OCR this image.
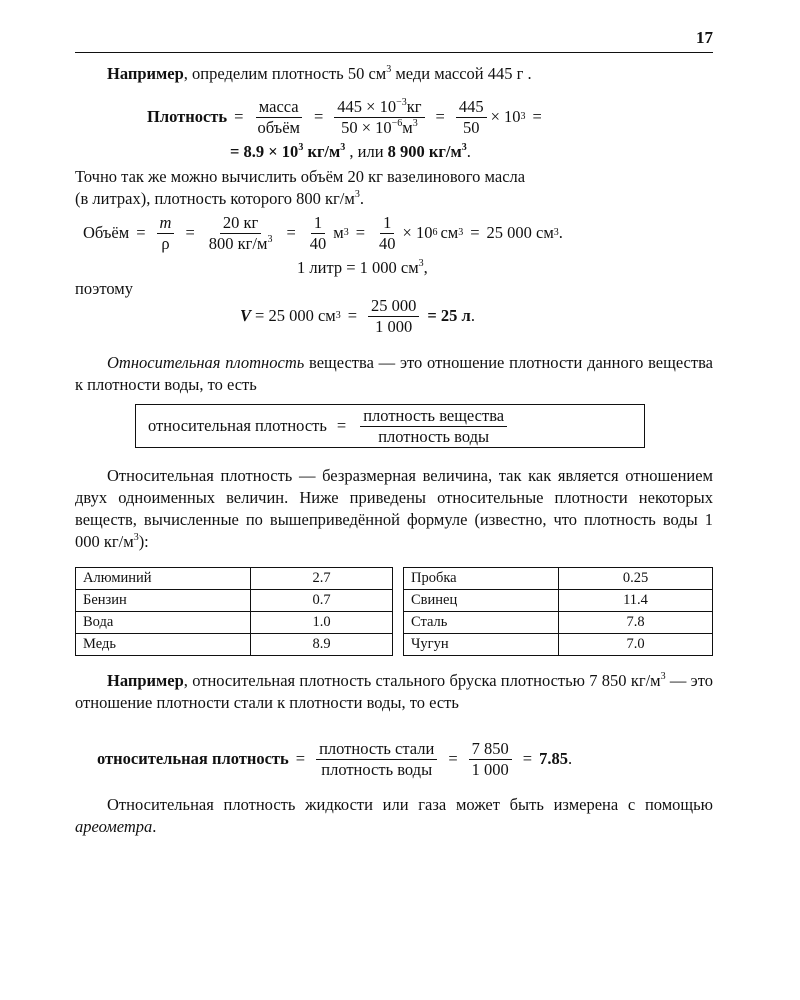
17
Например, определим плотность 50 $см^3$ меди массой 445 г .
Плотность = $\frac{\text{масса}}{\text{объём}} = \frac{445 \times 10^{-3}кг}{50 \times 10^{-6}м^3} = \frac{445}{50} \times 10$ 3 =
= $8.9 \times 10^3$ $кг/м^3$ , или 8 900 $кг/м^3$.
Точно так же можно вычислить объём 20 кг вазелинового масла
(в литрах), плотность которого 800 $кг/м^3$.
Объём = $\frac{m}{\rho} = \frac{20 кг}{800 кг/м^3} = \frac{1}{40}$ м $3 = \frac{1}{40} \times 10$ 6 см 3 = 25 000 см 3 .
1 литр = 1 000 $см^3$,
поэтому
V = 25 000 см $3 = \frac{25 000}{1 000} = 25$ л .
Относительная плотность вещества — это отношение плотности данного вещества к плотности воды, то есть
относительная плотность = $\frac{\text{плотность вещества}}{\text{плотность воды}}$
Относительная плотность — безразмерная величина, так как является отношением двух одноименных величин. Ниже приведены относительные плотности некоторых веществ, вычисленные по вышеприведённой формуле (известно, что плотность воды 1 000 $кг/м^3$):
Алюминий	2.7
Бензин	0.7
Вода	1.0
Медь	8.9
Пробка	0.25
Свинец	11.4
Сталь	7.8
Чугун	7.0
Например, относительная плотность стального бруска плотностью 7 850 $кг/м^3$ — это отношение плотности стали к плотности воды, то есть
относительная плотность = $\frac{\text{плотность стали}}{\text{плотность воды}} = \frac{7 850}{1 000} = 7.85$ .
Относительная плотность жидкости или газа может быть измерена с помощью ареометра.
